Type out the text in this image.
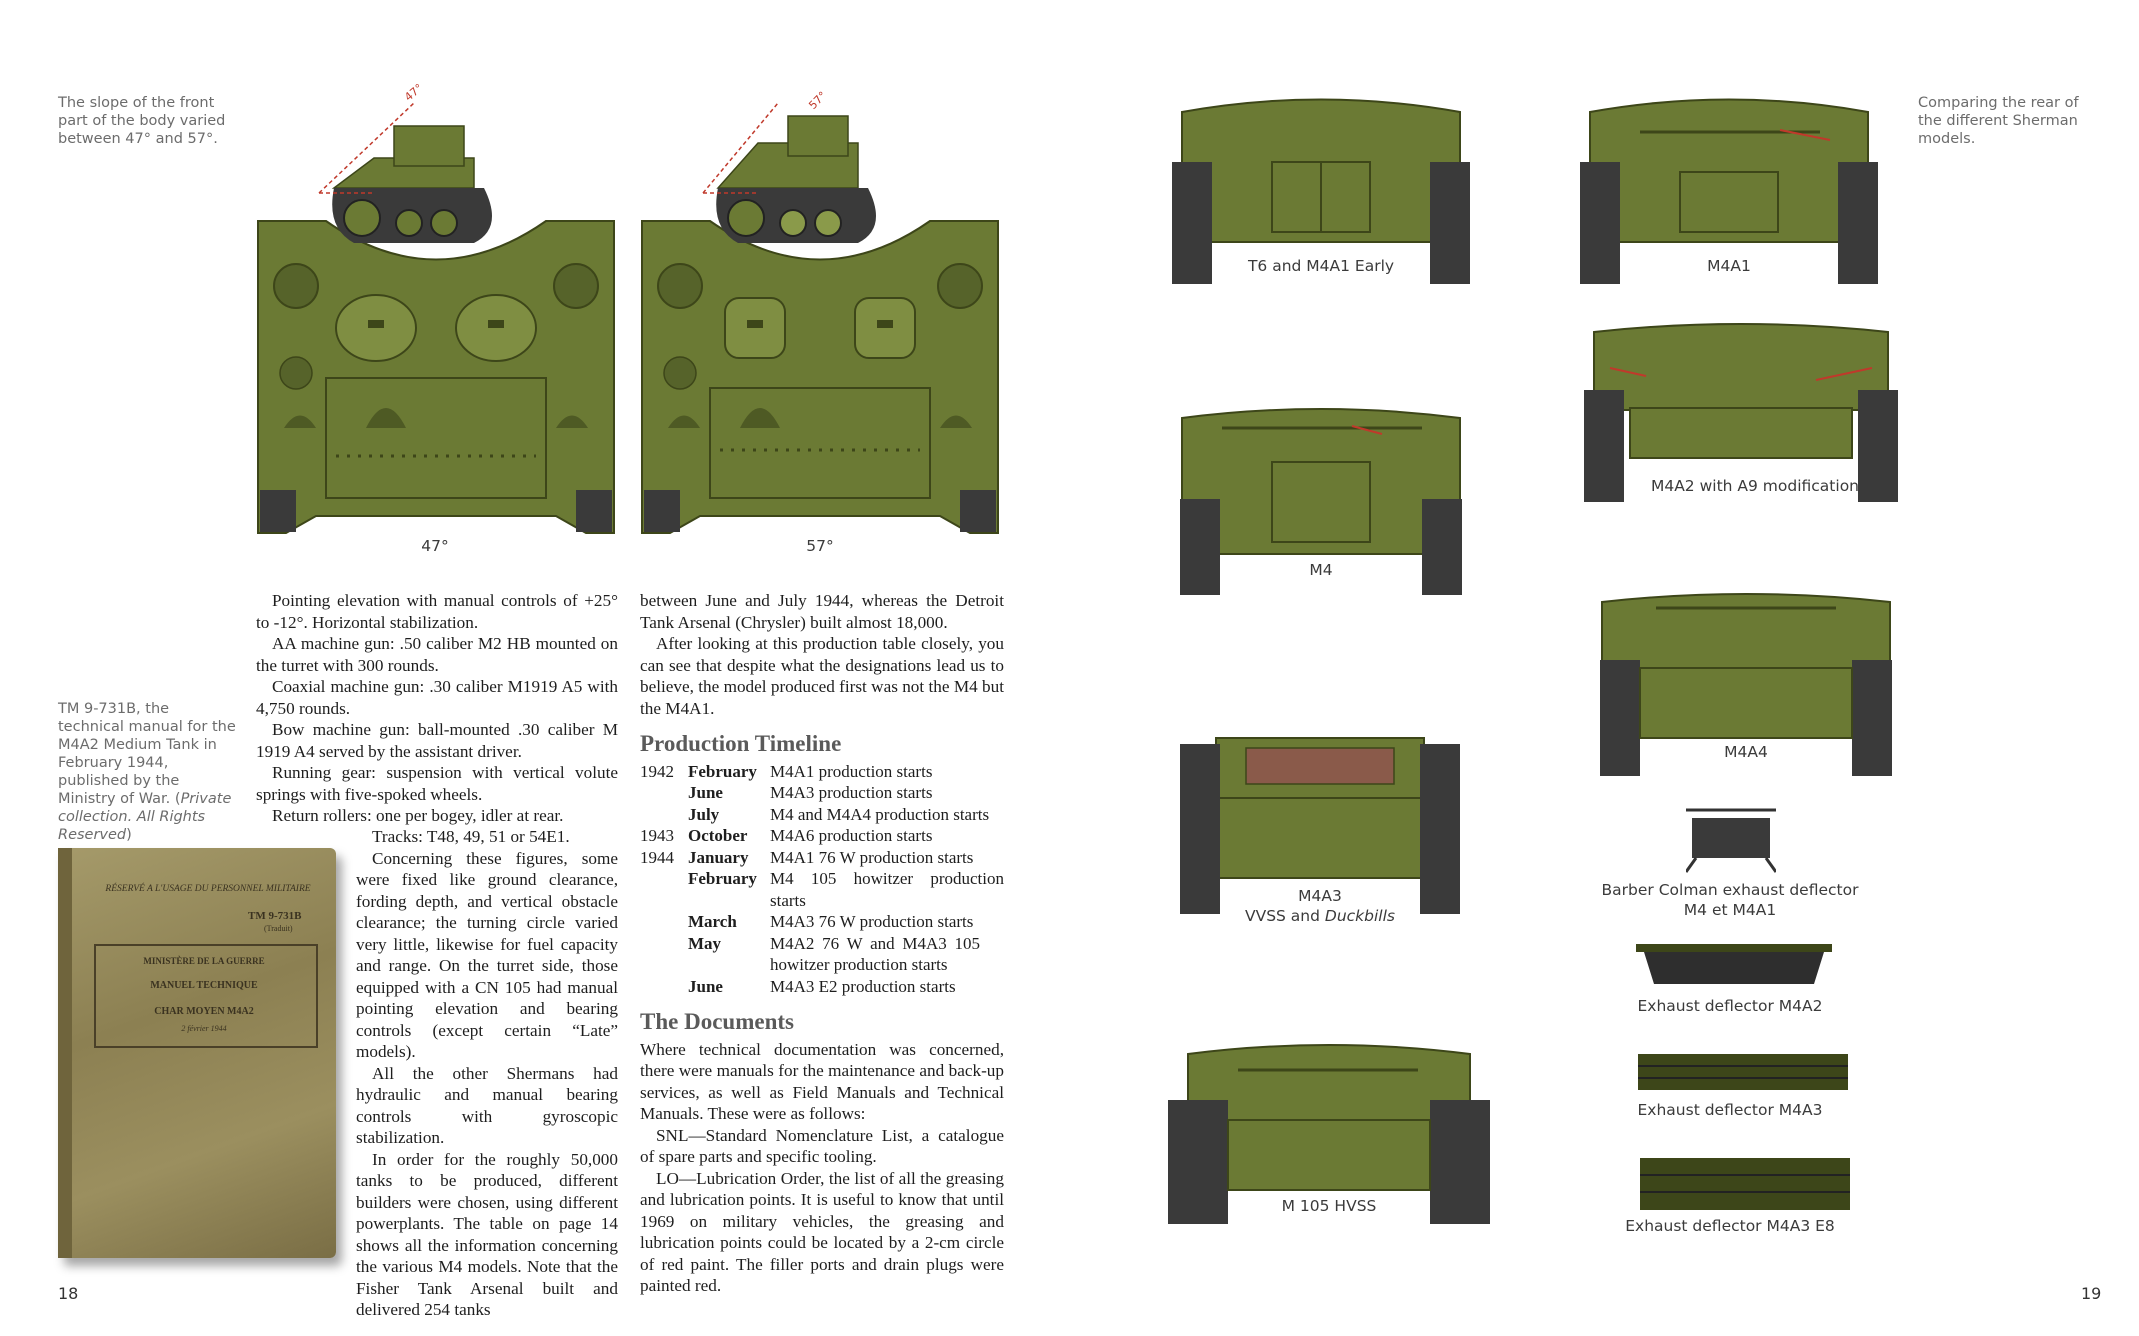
The slope of the front part of the body varied between 47° and 57°.
47°
47°
57°
57°
TM 9-731B, the technical manual for the M4A2 Medium Tank in February 1944, published by the Ministry of War. (Private collection. All Rights Reserved)
RÉSERVÉ A L'USAGE DU PERSONNEL MILITAIRE
TM 9-731B
(Traduit)
MINISTÈRE DE LA GUERRE
MANUEL TECHNIQUE
CHAR MOYEN M4A2
2 février 1944

Pointing elevation with manual controls of +25° to -12°. Horizontal stabilization.

AA machine gun: .50 caliber M2 HB mounted on the turret with 300 rounds.

Coaxial machine gun: .30 caliber M1919 A5 with 4,750 rounds.

Bow machine gun: ball-mounted .30 caliber M 1919 A4 served by the assistant driver.

Running gear: suspension with vertical volute springs with five-spoked wheels.

Return rollers: one per bogey, idler at rear.

Tracks: T48, 49, 51 or 54E1.

Concerning these figures, some were fixed like ground clearance, fording depth, and vertical obstacle clearance; the turning circle varied very little, likewise for fuel capacity and range. On the turret side, those equipped with a CN 105 had manual pointing elevation and bearing controls (except certain “Late” models).

All the other Shermans had hydraulic and manual bearing controls with gyroscopic stabilization.

In order for the roughly 50,000 tanks to be produced, different builders were chosen, using different powerplants. The table on page 14 shows all the information concerning the various M4 models. Note that the Fisher Tank Arsenal built and delivered 254 tanks

between June and July 1944, whereas the Detroit Tank Arsenal (Chrysler) built almost 18,000.

After looking at this production table closely, you can see that despite what the designations lead us to believe, the model produced first was not the M4 but the M4A1.

Production Timeline
1942 February M4A1 production starts
June	M4A3 production starts
July	M4 and M4A4 production starts
1943 October	M4A6 production starts
1944 January	M4A1 76 W production starts
February M4 105 howitzer production starts
March	M4A3 76 W production starts
May	M4A2 76 W and M4A3 105 howitzer production starts
June	M4A3 E2 production starts
The Documents

Where technical documentation was concerned, there were manuals for the maintenance and back-up services, as well as Field Manuals and Technical Manuals. These were as follows:

SNL—Standard Nomenclature List, a catalogue of spare parts and specific tooling.

LO—Lubrication Order, the list of all the greasing and lubrication points. It is useful to know that until 1969 on military vehicles, the greasing and lubrication points could be located by a 2-cm circle of red paint. The filler ports and drain plugs were painted red.

18
Comparing the rear of the different Sherman models.
T6 and M4A1 Early	M4A1
M4
M4A2 with A9 modification
M4A4
M4A3
VVSS and Duckbills
M 105 HVSS
Barber Colman exhaust deflector M4 et M4A1
Exhaust deflector M4A2
Exhaust deflector M4A3
Exhaust deflector M4A3 E8
19
